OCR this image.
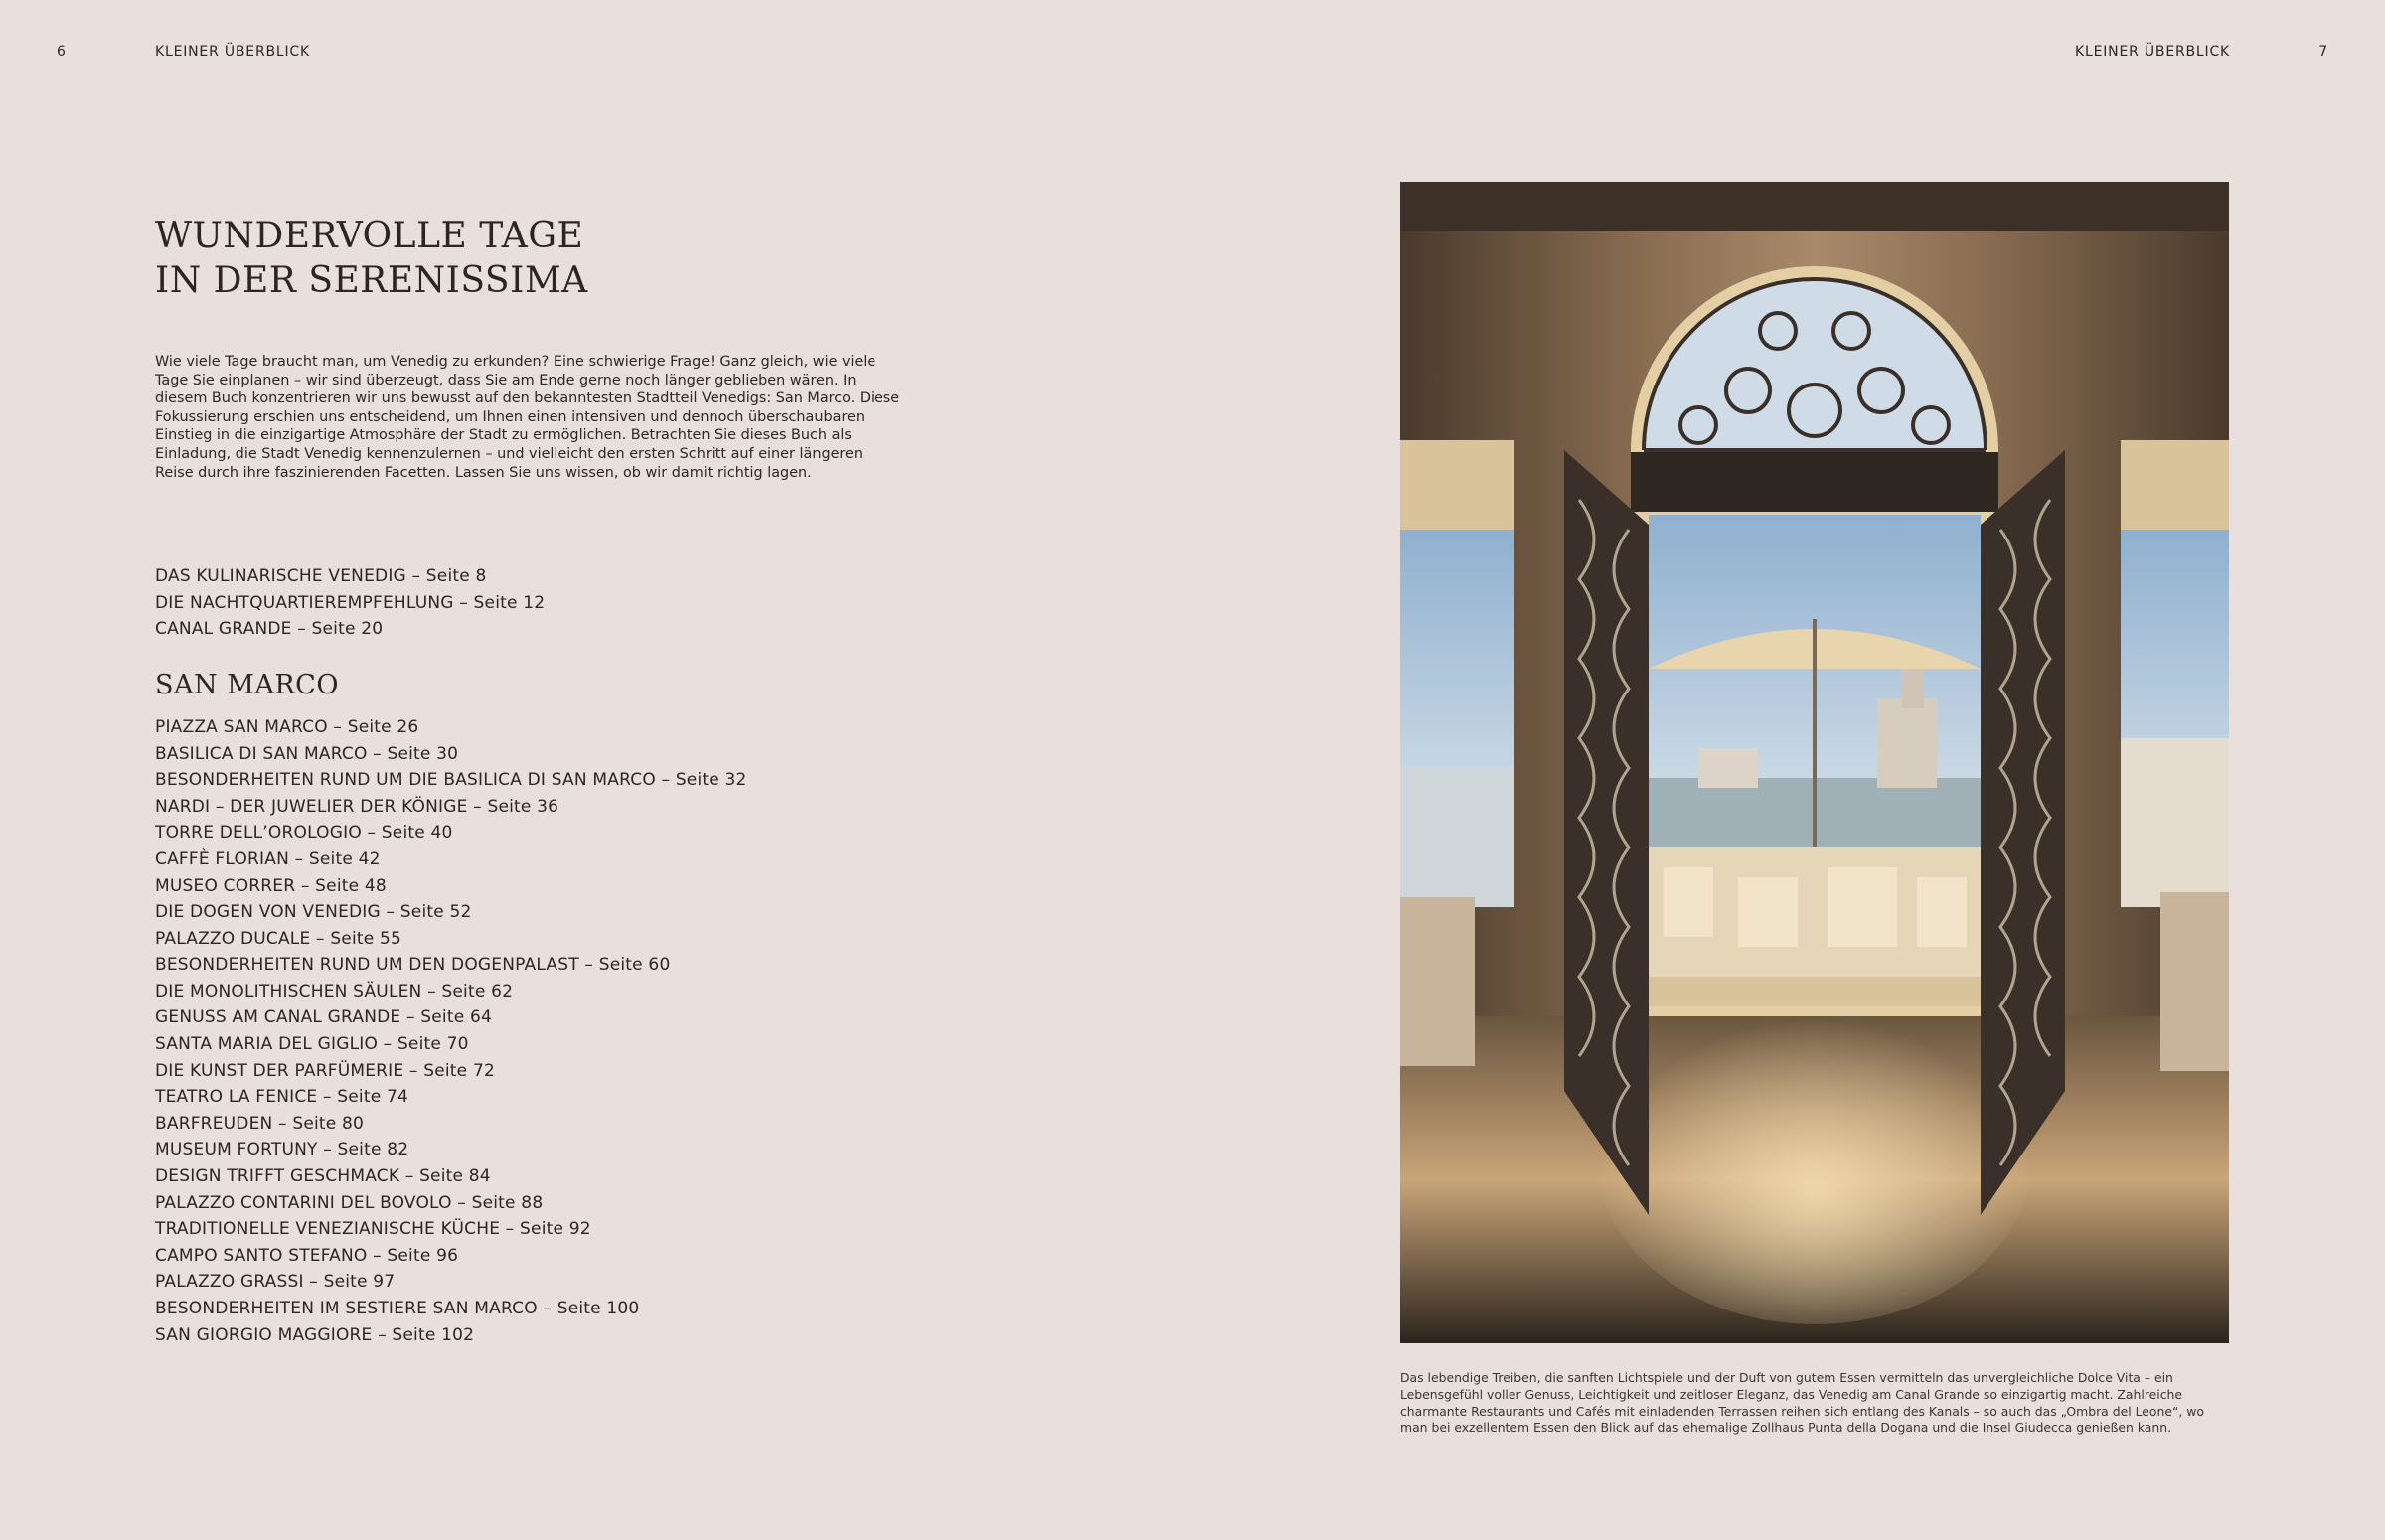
6	KLEINER ÜBERBLICK	KLEINER ÜBERBLICK	7
WUNDERVOLLE TAGE
IN DER SERENISSIMA

Wie viele Tage braucht man, um Venedig zu erkunden? Eine schwierige Frage! Ganz gleich, wie viele Tage Sie einplanen – wir sind überzeugt, dass Sie am Ende gerne noch länger geblieben wären. In diesem Buch konzentrieren wir uns bewusst auf den bekanntesten Stadtteil Venedigs: San Marco. Diese Fokussierung erschien uns entscheidend, um Ihnen einen intensiven und dennoch überschaubaren Einstieg in die einzigartige Atmosphäre der Stadt zu ermöglichen. Betrachten Sie dieses Buch als Einladung, die Stadt Venedig kennenzulernen – und vielleicht den ersten Schritt auf einer längeren Reise durch ihre faszinierenden Facetten. Lassen Sie uns wissen, ob wir damit richtig lagen.

DAS KULINARISCHE VENEDIG – Seite 8
DIE NACHTQUARTIEREMPFEHLUNG – Seite 12
CANAL GRANDE – Seite 20
SAN MARCO
PIAZZA SAN MARCO – Seite 26
BASILICA DI SAN MARCO – Seite 30
BESONDERHEITEN RUND UM DIE BASILICA DI SAN MARCO – Seite 32
NARDI – DER JUWELIER DER KÖNIGE – Seite 36
TORRE DELL’OROLOGIO – Seite 40
CAFFÈ FLORIAN – Seite 42
MUSEO CORRER – Seite 48
DIE DOGEN VON VENEDIG – Seite 52
PALAZZO DUCALE – Seite 55
BESONDERHEITEN RUND UM DEN DOGENPALAST – Seite 60
DIE MONOLITHISCHEN SÄULEN – Seite 62
GENUSS AM CANAL GRANDE – Seite 64
SANTA MARIA DEL GIGLIO – Seite 70
DIE KUNST DER PARFÜMERIE – Seite 72
TEATRO LA FENICE – Seite 74
BARFREUDEN – Seite 80
MUSEUM FORTUNY – Seite 82
DESIGN TRIFFT GESCHMACK – Seite 84
PALAZZO CONTARINI DEL BOVOLO – Seite 88
TRADITIONELLE VENEZIANISCHE KÜCHE – Seite 92
CAMPO SANTO STEFANO – Seite 96
PALAZZO GRASSI – Seite 97
BESONDERHEITEN IM SESTIERE SAN MARCO – Seite 100
SAN GIORGIO MAGGIORE – Seite 102

Das lebendige Treiben, die sanften Lichtspiele und der Duft von gutem Essen vermitteln das unvergleichliche Dolce Vita – ein Lebensgefühl voller Genuss, Leichtigkeit und zeitloser Eleganz, das Venedig am Canal Grande so einzigartig macht. Zahlreiche charmante Restaurants und Cafés mit einladenden Terrassen reihen sich entlang des Kanals – so auch das „Ombra del Leone“, wo man bei exzellentem Essen den Blick auf das ehemalige Zollhaus Punta della Dogana und die Insel Giudecca genießen kann.
